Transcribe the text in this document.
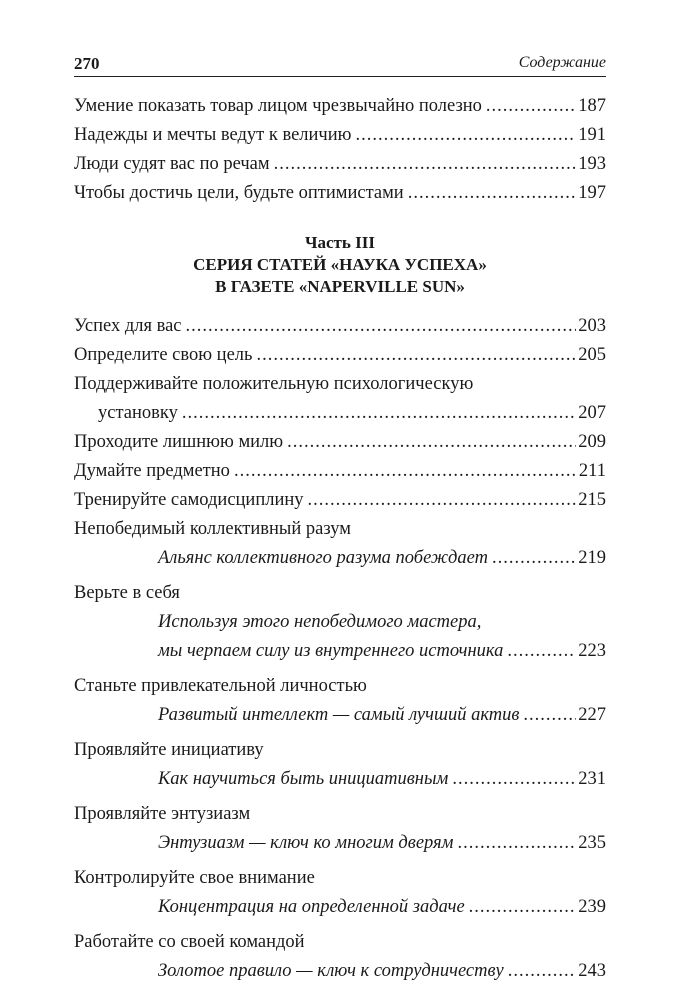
270	Содержание
Умение показать товар лицом чрезвычайно полезно .....	187
Надежды и мечты ведут к величию .....	191
Люди судят вас по речам .....	193
Чтобы достичь цели, будьте оптимистами .....	197
Часть III
СЕРИЯ СТАТЕЙ «НАУКА УСПЕХА»
В ГАЗЕТЕ «NAPERVILLE SUN»
Успех для вас .....	203
Определите свою цель .....	205
Поддерживайте положительную психологическую
установку .....	207
Проходите лишнюю милю .....	209
Думайте предметно .....	211
Тренируйте самодисциплину .....	215
Непобедимый коллективный разум
Альянс коллективного разума побеждает .....	219
Верьте в себя
Используя этого непобедимого мастера,
мы черпаем силу из внутреннего источника .....	223
Станьте привлекательной личностью
Развитый интеллект — самый лучший актив .....	227
Проявляйте инициативу
Как научиться быть инициативным .....	231
Проявляйте энтузиазм
Энтузиазм — ключ ко многим дверям .....	235
Контролируйте свое внимание
Концентрация на определенной задаче .....	239
Работайте со своей командой
Золотое правило — ключ к сотрудничеству .....	243
